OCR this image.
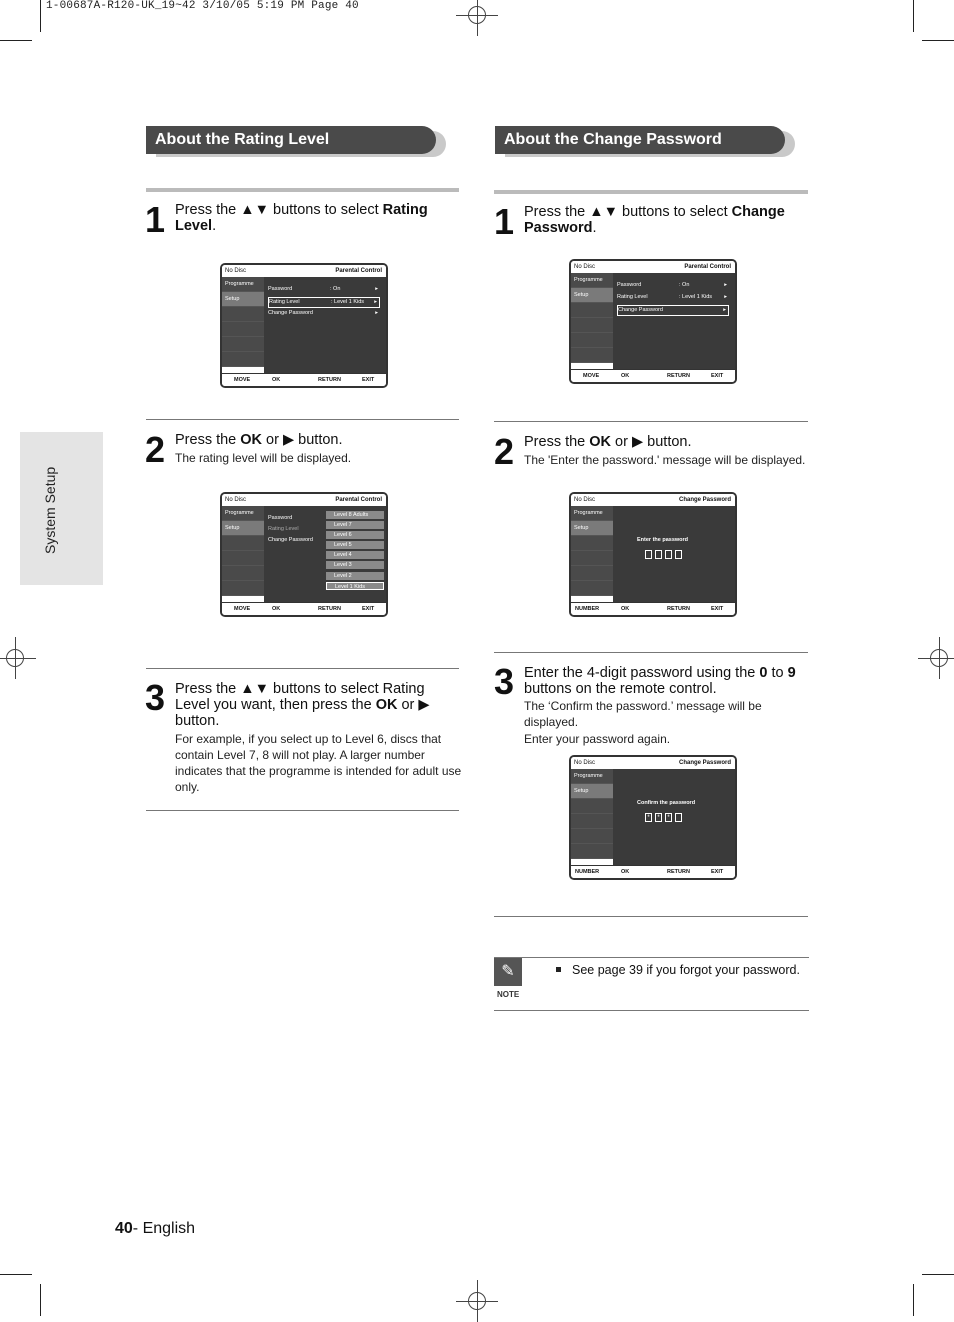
1-00687A-R120-UK_19~42 3/10/05 5:19 PM Page 40
System Setup
About the Rating Level
1 Press the ▲▼ buttons to select Rating Level.
No Disc	Parental Control
Programme
Setup
Password	: On	▸
Rating Level	: Level 1 Kids ▸
Change Password	▸
MOVE	OK	RETURN	EXIT
2 Press the OK or ▶ button.
The rating level will be displayed.
No Disc	Parental Control
Programme
Setup
Password
Rating Level
Change Password
Level 8 Adults
Level 7
Level 6
Level 5
Level 4
Level 3
Level 2
Level 1 Kids
MOVE	OK	RETURN	EXIT
3 Press the ▲▼ buttons to select Rating
Level you want, then press the OK or ▶
button.
For example, if you select up to Level 6, discs that
contain Level 7, 8 will not play. A larger number
indicates that the programme is intended for adult use
only.
About the Change Password
1 Press the ▲▼ buttons to select Change Password.
No Disc	Parental Control
Programme
Setup
Password	: On	▸
Rating Level	: Level 1 Kids ▸
Change Password	▸
MOVE	OK	RETURN	EXIT
2 Press the OK or ▶ button.
The 'Enter the password.' message will be displayed.
No Disc	Change Password
Programme
Setup
Enter the password
NUMBER	OK	RETURN	EXIT
3 Enter the 4-digit password using the 0 to 9
buttons on the remote control.
The ‘Confirm the password.’ message will be displayed.
Enter your password again.
No Disc	Change Password
Programme
Setup
Confirm the password
*	*	*
NUMBER	OK	RETURN	EXIT
✎
NOTE
See page 39 if you forgot your password.
40- English
